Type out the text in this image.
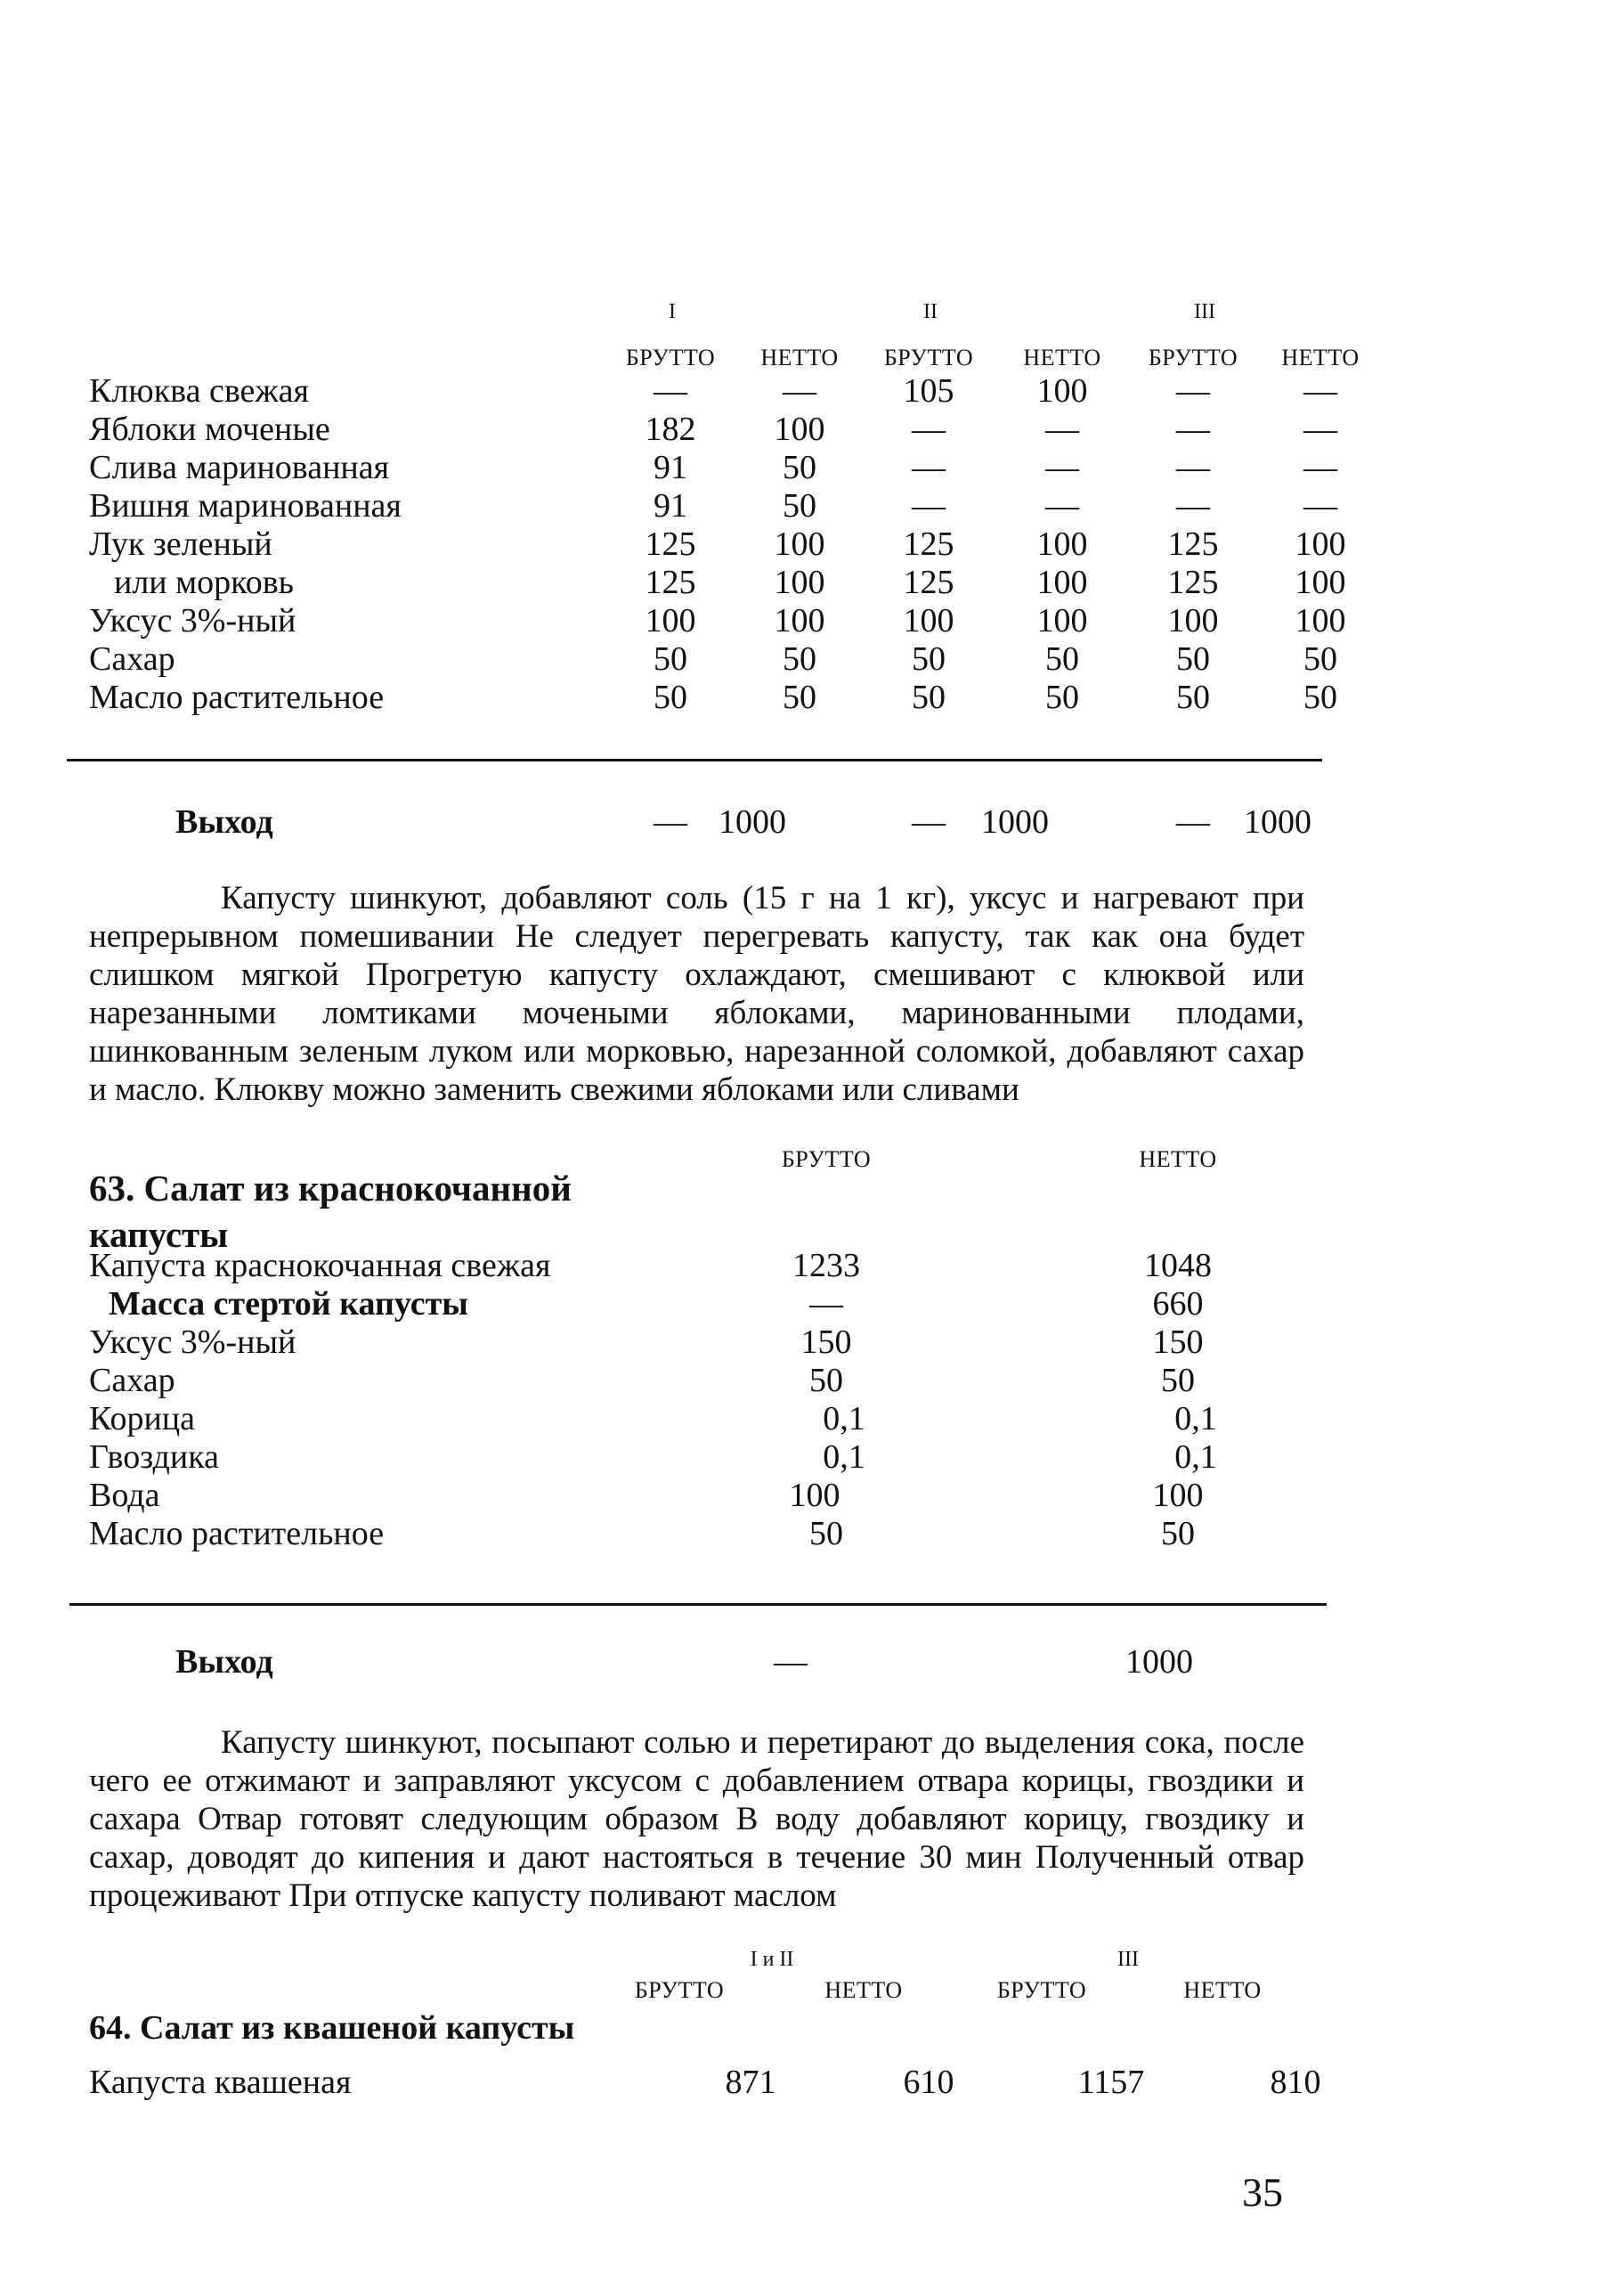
I	II	III
БРУТТО	НЕТТО	БРУТТО	НЕТТО	БРУТТО	НЕТТО
Клюква свежая	—	—	105	100	—	—
Яблоки моченые	182	100	—	—	—	—
Слива маринованная	91	50	—	—	—	—
Вишня маринованная	91	50	—	—	—	—
Лук зеленый	125	100	125	100	125	100
или морковь	125	100	125	100	125	100
Уксус 3%-ный	100	100	100	100	100	100
Сахар	50	50	50	50	50	50
Масло растительное	50	50	50	50	50	50
Выход	— 1000	—	1000	—	1000
Капусту шинкуют, добавляют соль (15 г на 1 кг), уксус и нагревают при непрерывном помешивании Не следует перегревать капусту, так как она будет слишком мягкой Прогретую капусту охлаждают, смешивают с клюквой или нарезанными ломтиками мочеными яблоками, маринованными плодами, шинкованным зеленым луком или морковью, нарезанной соломкой, добавляют сахар и масло. Клюкву можно заменить свежими яблоками или сливами
БРУТТО	НЕТТО
63. Салат из краснокочанной капусты
Капуста краснокочанная свежая	1233	1048
Масса стертой капусты	—	660
Уксус 3%-ный	150	150
Сахар	50	50
Корица	0,1	0,1
Гвоздика	0,1	0,1
Вода	100	100
Масло растительное	50	50
Выход	—	1000
Капусту шинкуют, посыпают солью и перетирают до выделения сока, после чего ее отжимают и заправляют уксусом с добавлением отвара корицы, гвоздики и сахара Отвар готовят следующим образом В воду добавляют корицу, гвоздику и сахар, доводят до кипения и дают настояться в течение 30 мин Полученный отвар процеживают При отпуске капусту поливают маслом
I и II	III
БРУТТО	НЕТТО	БРУТТО	НЕТТО
64. Салат из квашеной капусты
Капуста квашеная	871	610	1157	810
35
